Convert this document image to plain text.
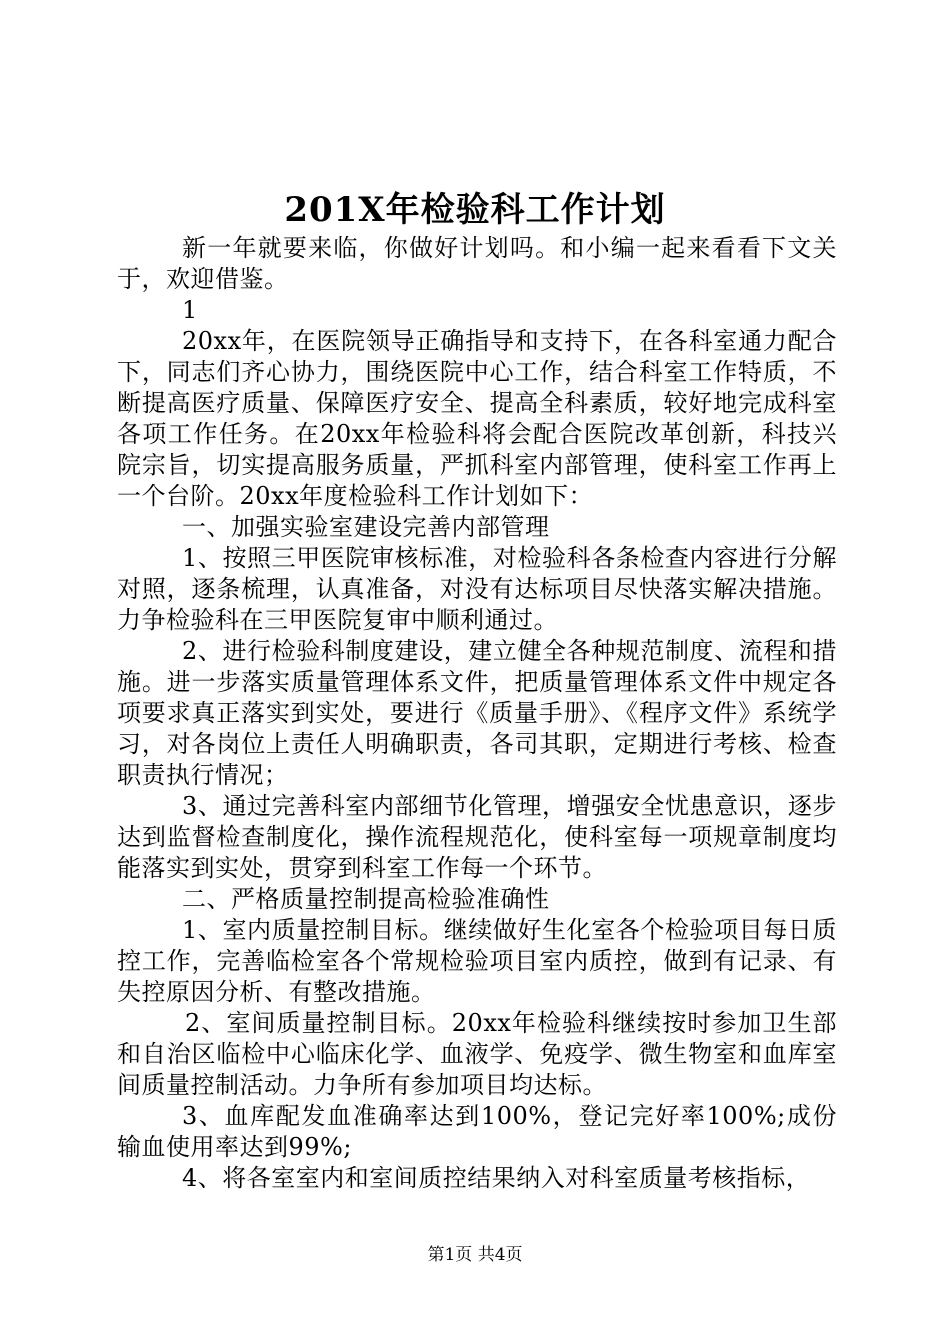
201X年检验科工作计划

新一年就要来临，你做好计划吗。和小编一起来看看下文关于，欢迎借鉴。

1

20xx年，在医院领导正确指导和支持下，在各科室通力配合下，同志们齐心协力，围绕医院中心工作，结合科室工作特质，不断提高医疗质量、保障医疗安全、提高全科素质，较好地完成科室各项工作任务。在20xx年检验科将会配合医院改革创新，科技兴院宗旨，切实提高服务质量，严抓科室内部管理，使科室工作再上一个台阶。20xx年度检验科工作计划如下：

一、加强实验室建设完善内部管理

1、按照三甲医院审核标准，对检验科各条检查内容进行分解对照，逐条梳理，认真准备，对没有达标项目尽快落实解决措施。力争检验科在三甲医院复审中顺利通过。

2、进行检验科制度建设，建立健全各种规范制度、流程和措施。进一步落实质量管理体系文件，把质量管理体系文件中规定各项要求真正落实到实处，要进行《质量手册》、《程序文件》系统学习，对各岗位上责任人明确职责，各司其职，定期进行考核、检查职责执行情况；

3、通过完善科室内部细节化管理，增强安全忧患意识，逐步达到监督检查制度化，操作流程规范化，使科室每一项规章制度均能落实到实处，贯穿到科室工作每一个环节。

二、严格质量控制提高检验准确性

1、室内质量控制目标。继续做好生化室各个检验项目每日质控工作，完善临检室各个常规检验项目室内质控，做到有记录、有失控原因分析、有整改措施。

2、室间质量控制目标。20xx年检验科继续按时参加卫生部和自治区临检中心临床化学、血液学、免疫学、微生物室和血库室间质量控制活动。力争所有参加项目均达标。

3、血库配发血准确率达到100%，登记完好率100%;成份输血使用率达到99%;

4、将各室室内和室间质控结果纳入对科室质量考核指标，

第1页 共4页
